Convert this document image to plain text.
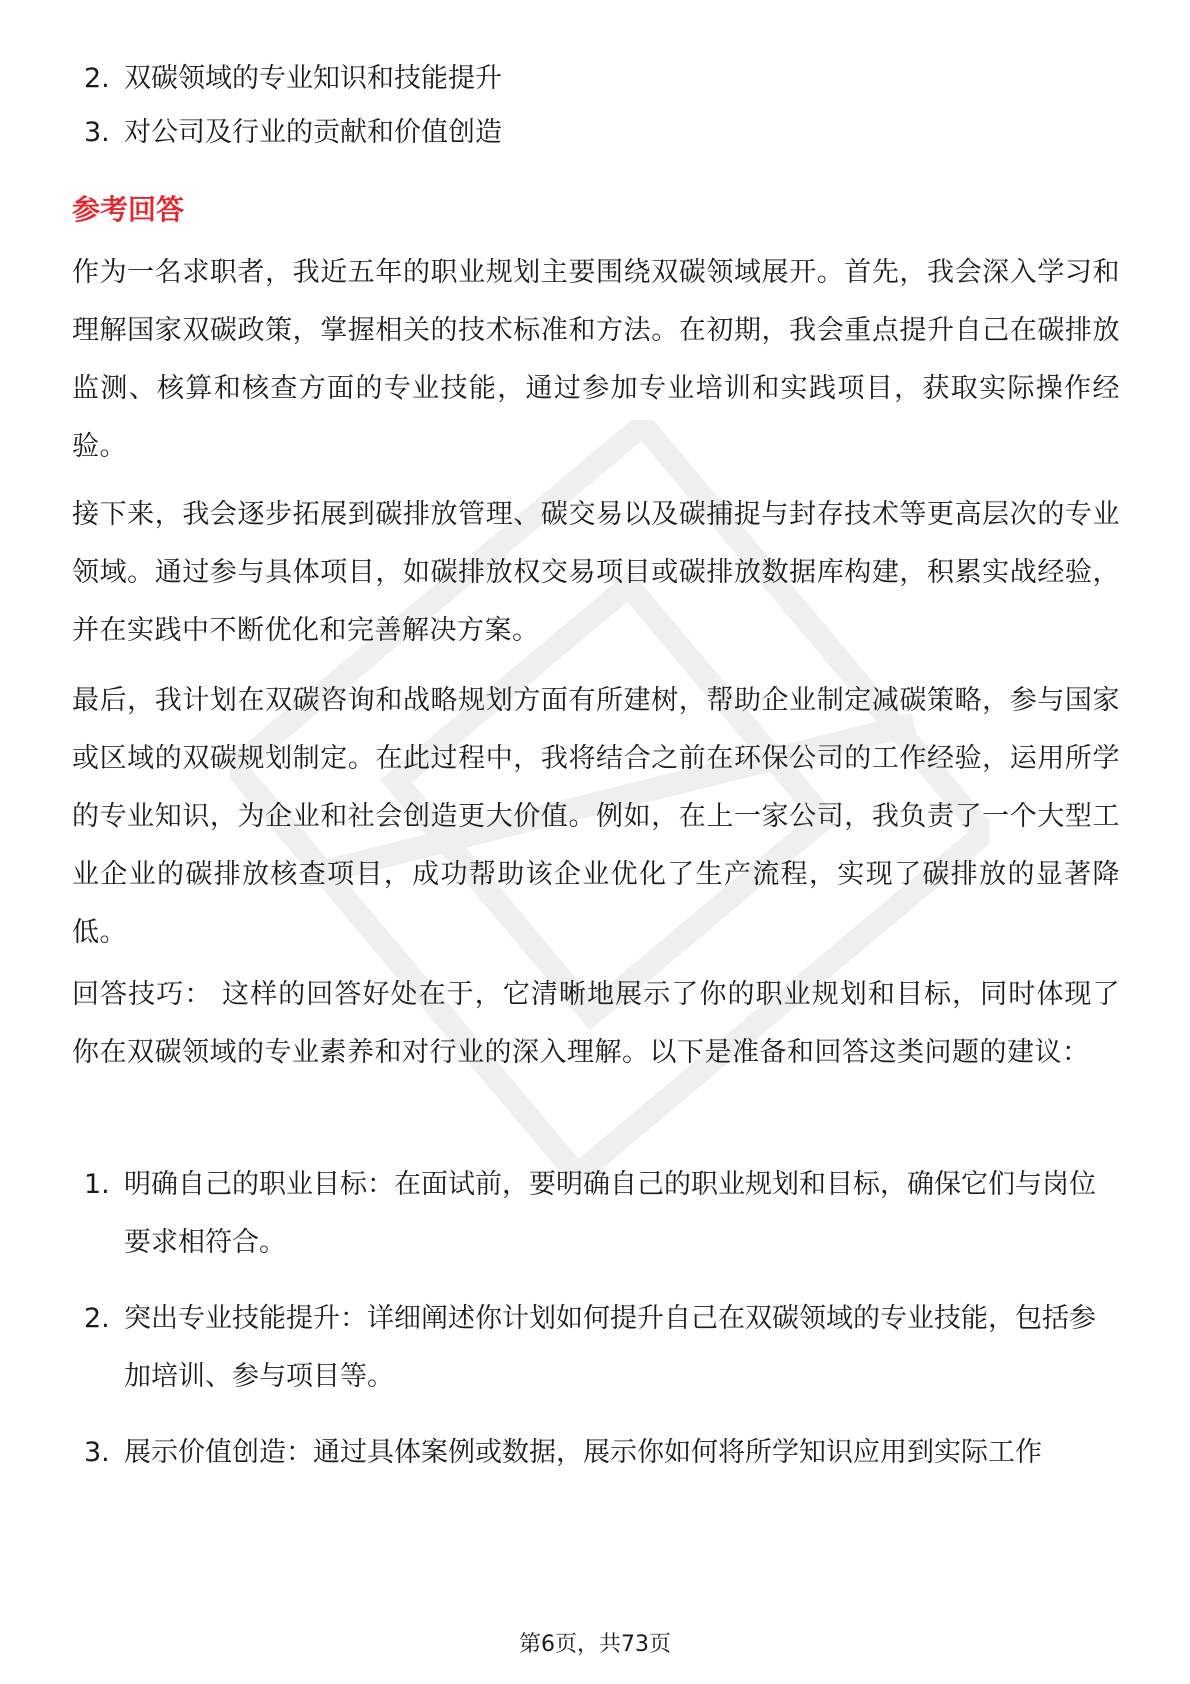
2. 双碳领域的专业知识和技能提升
3. 对公司及行业的贡献和价值创造
参考回答
作为一名求职者，我近五年的职业规划主要围绕双碳领域展开。首先，我会深入学习和理解国家双碳政策，掌握相关的技术标准和方法。在初期，我会重点提升自己在碳排放监测、核算和核查方面的专业技能，通过参加专业培训和实践项目，获取实际操作经验。
接下来，我会逐步拓展到碳排放管理、碳交易以及碳捕捉与封存技术等更高层次的专业领域。通过参与具体项目，如碳排放权交易项目或碳排放数据库构建，积累实战经验，并在实践中不断优化和完善解决方案。
最后，我计划在双碳咨询和战略规划方面有所建树，帮助企业制定减碳策略，参与国家或区域的双碳规划制定。在此过程中，我将结合之前在环保公司的工作经验，运用所学的专业知识，为企业和社会创造更大价值。例如，在上一家公司，我负责了一个大型工业企业的碳排放核查项目，成功帮助该企业优化了生产流程，实现了碳排放的显著降低。
回答技巧： 这样的回答好处在于，它清晰地展示了你的职业规划和目标，同时体现了你在双碳领域的专业素养和对行业的深入理解。以下是准备和回答这类问题的建议：
1. 明确自己的职业目标：在面试前，要明确自己的职业规划和目标，确保它们与岗位要求相符合。
2. 突出专业技能提升：详细阐述你计划如何提升自己在双碳领域的专业技能，包括参加培训、参与项目等。
3. 展示价值创造：通过具体案例或数据，展示你如何将所学知识应用到实际工作
第6页，共73页
